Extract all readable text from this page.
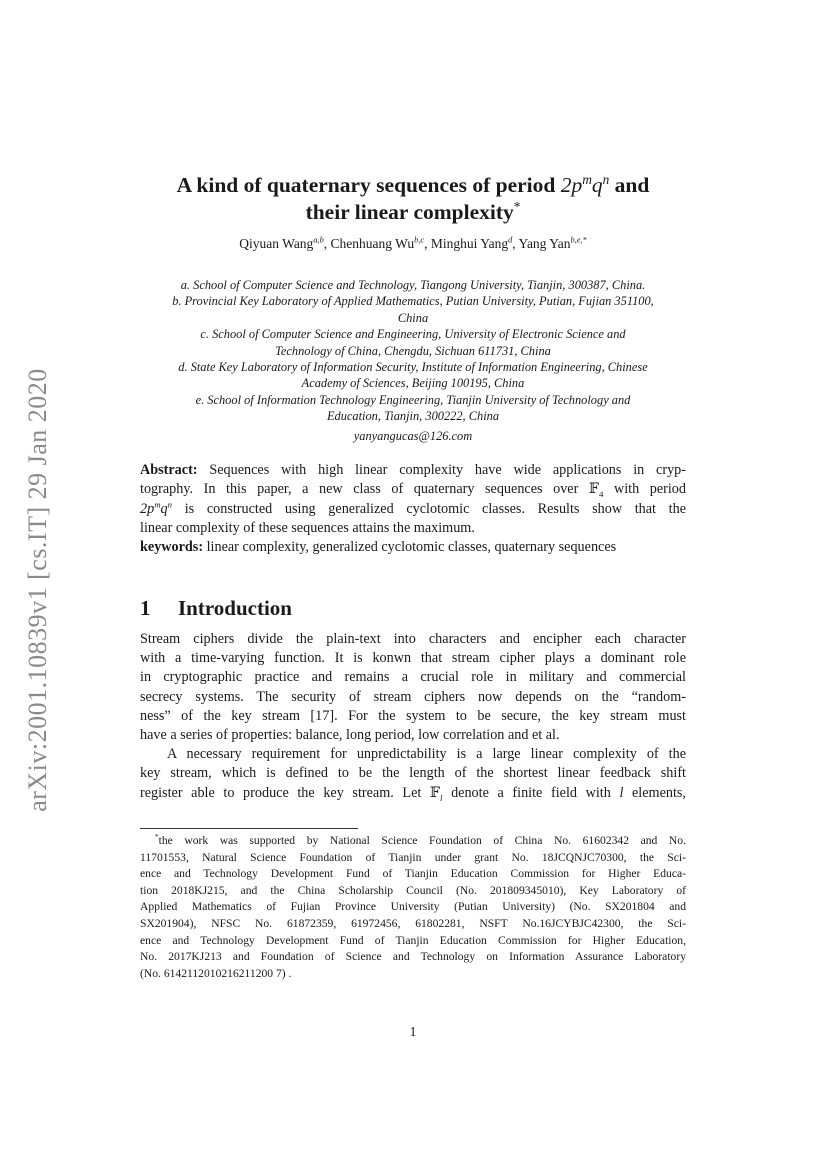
arXiv:2001.10839v1 [cs.IT] 29 Jan 2020
A kind of quaternary sequences of period $2p^mq^n$ and
their linear complexity*
Qiyuan Wang$^{a,b}$, Chenhuang Wu$^{b,c}$, Minghui Yang$^d$, Yang Yan$^{b,e,*}$
a. School of Computer Science and Technology, Tiangong University, Tianjin, 300387, China.
b. Provincial Key Laboratory of Applied Mathematics, Putian University, Putian, Fujian 351100,
China
c. School of Computer Science and Engineering, University of Electronic Science and
Technology of China, Chengdu, Sichuan 611731, China
d. State Key Laboratory of Information Security, Institute of Information Engineering, Chinese
Academy of Sciences, Beijing 100195, China
e. School of Information Technology Engineering, Tianjin University of Technology and
Education, Tianjin, 300222, China
yanyangucas@126.com
Abstract: Sequences with high linear complexity have wide applications in cryp-
tography. In this paper, a new class of quaternary sequences over 𝔽$_4$ with period
$2p^mq^n$ is constructed using generalized cyclotomic classes. Results show that the
linear complexity of these sequences attains the maximum.
keywords: linear complexity, generalized cyclotomic classes, quaternary sequences
1 Introduction
Stream ciphers divide the plain-text into characters and encipher each character
with a time-varying function. It is konwn that stream cipher plays a dominant role
in cryptographic practice and remains a crucial role in military and commercial
secrecy systems. The security of stream ciphers now depends on the “random-
ness” of the key stream [17]. For the system to be secure, the key stream must
have a series of properties: balance, long period, low correlation and et al.
A necessary requirement for unpredictability is a large linear complexity of the
key stream, which is defined to be the length of the shortest linear feedback shift
register able to produce the key stream. Let 𝔽$_l$ denote a finite field with l elements,
*the work was supported by National Science Foundation of China No. 61602342 and No.
11701553, Natural Science Foundation of Tianjin under grant No. 18JCQNJC70300, the Sci-
ence and Technology Development Fund of Tianjin Education Commission for Higher Educa-
tion 2018KJ215, and the China Scholarship Council (No. 201809345010), Key Laboratory of
Applied Mathematics of Fujian Province University (Putian University) (No. SX201804 and
SX201904), NFSC No. 61872359, 61972456, 61802281, NSFT No.16JCYBJC42300, the Sci-
ence and Technology Development Fund of Tianjin Education Commission for Higher Education,
No. 2017KJ213 and Foundation of Science and Technology on Information Assurance Laboratory
(No. 6142112010216211200⁠ 7) .
1
